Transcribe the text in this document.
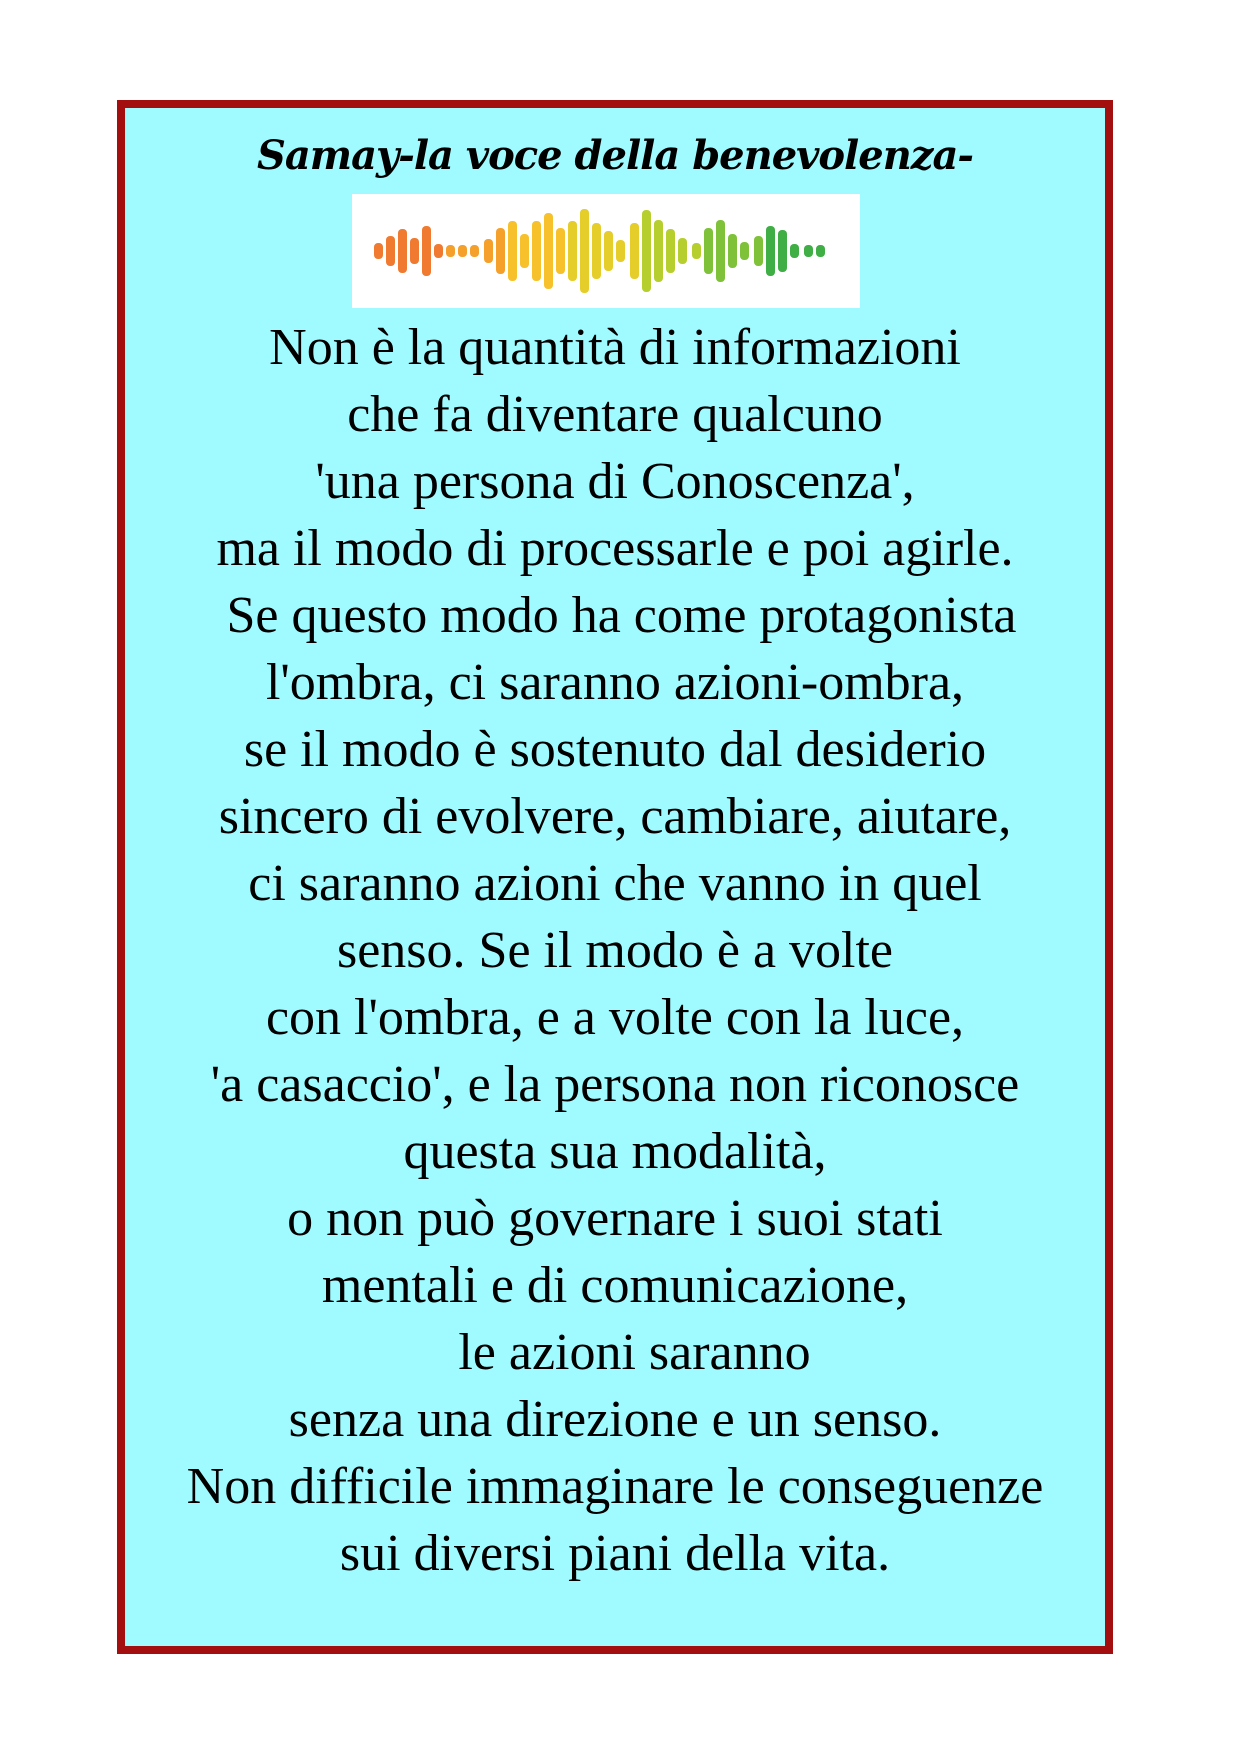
Samay-la voce della benevolenza-
Non è la quantità di informazioni
che fa diventare qualcuno
'una persona di Conoscenza',
ma il modo di processarle e poi agirle.
Se questo modo ha come protagonista
l'ombra, ci saranno azioni-ombra,
se il modo è sostenuto dal desiderio
sincero di evolvere, cambiare, aiutare,
ci saranno azioni che vanno in quel
senso. Se il modo è a volte
con l'ombra, e a volte con la luce,
'a casaccio', e la persona non riconosce
questa sua modalità,
o non può governare i suoi stati
mentali e di comunicazione,
le azioni saranno
senza una direzione e un senso.
Non difficile immaginare le conseguenze
sui diversi piani della vita.
